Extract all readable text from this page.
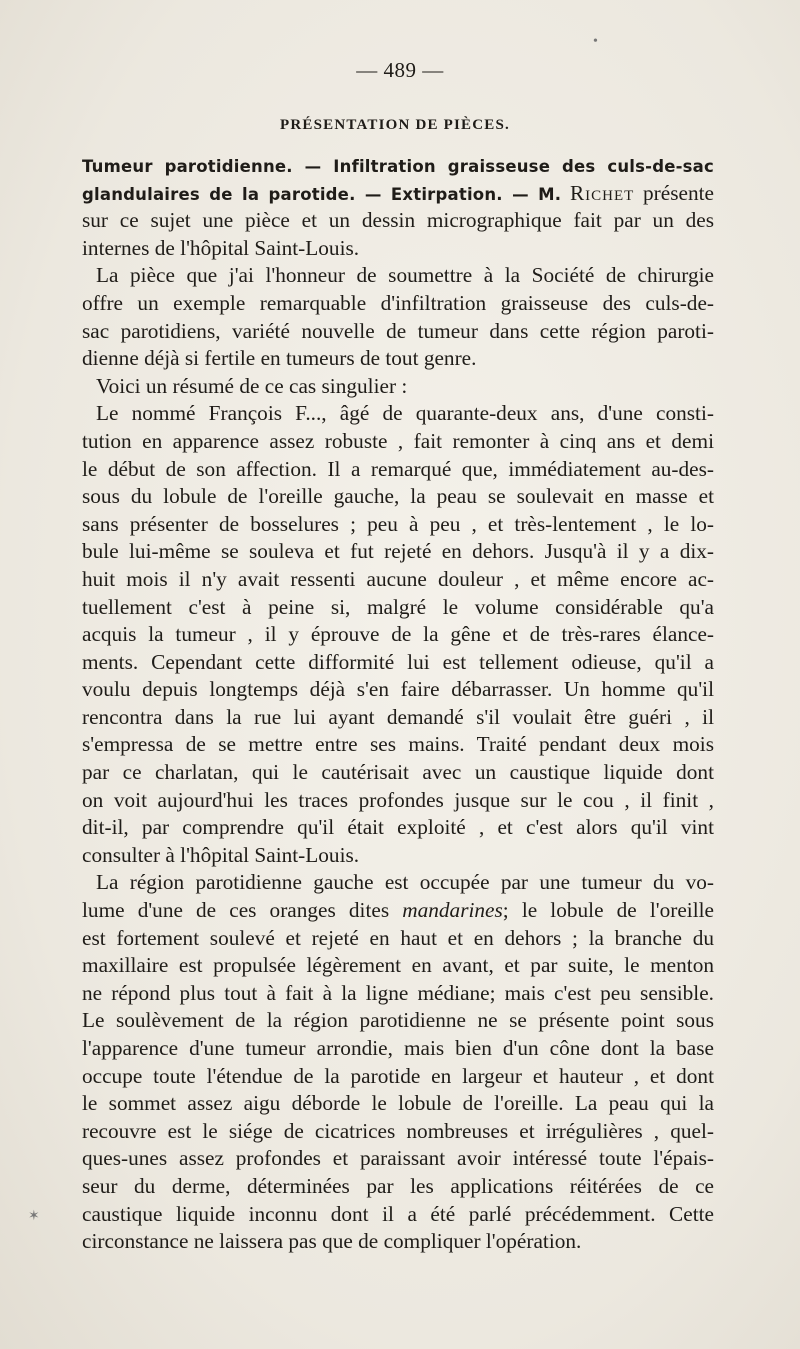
— 489 —
PRÉSENTATION DE PIÈCES.
Tumeur parotidienne. — Infiltration graisseuse des culs-de-sac
glandulaires de la parotide. — Extirpation. — M. Richet présente
sur ce sujet une pièce et un dessin micrographique fait par un des
internes de l'hôpital Saint-Louis.
La pièce que j'ai l'honneur de soumettre à la Société de chirurgie
offre un exemple remarquable d'infiltration graisseuse des culs-de-
sac parotidiens, variété nouvelle de tumeur dans cette région paroti-
dienne déjà si fertile en tumeurs de tout genre.
Voici un résumé de ce cas singulier :
Le nommé François F..., âgé de quarante-deux ans, d'une consti-
tution en apparence assez robuste , fait remonter à cinq ans et demi
le début de son affection. Il a remarqué que, immédiatement au-des-
sous du lobule de l'oreille gauche, la peau se soulevait en masse et
sans présenter de bosselures ; peu à peu , et très-lentement , le lo-
bule lui-même se souleva et fut rejeté en dehors. Jusqu'à il y a dix-
huit mois il n'y avait ressenti aucune douleur , et même encore ac-
tuellement c'est à peine si, malgré le volume considérable qu'a
acquis la tumeur , il y éprouve de la gêne et de très-rares élance-
ments. Cependant cette difformité lui est tellement odieuse, qu'il a
voulu depuis longtemps déjà s'en faire débarrasser. Un homme qu'il
rencontra dans la rue lui ayant demandé s'il voulait être guéri , il
s'empressa de se mettre entre ses mains. Traité pendant deux mois
par ce charlatan, qui le cautérisait avec un caustique liquide dont
on voit aujourd'hui les traces profondes jusque sur le cou , il finit ,
dit-il, par comprendre qu'il était exploité , et c'est alors qu'il vint
consulter à l'hôpital Saint-Louis.
La région parotidienne gauche est occupée par une tumeur du vo-
lume d'une de ces oranges dites mandarines; le lobule de l'oreille
est fortement soulevé et rejeté en haut et en dehors ; la branche du
maxillaire est propulsée légèrement en avant, et par suite, le menton
ne répond plus tout à fait à la ligne médiane; mais c'est peu sensible.
Le soulèvement de la région parotidienne ne se présente point sous
l'apparence d'une tumeur arrondie, mais bien d'un cône dont la base
occupe toute l'étendue de la parotide en largeur et hauteur , et dont
le sommet assez aigu déborde le lobule de l'oreille. La peau qui la
recouvre est le siége de cicatrices nombreuses et irrégulières , quel-
ques-unes assez profondes et paraissant avoir intéressé toute l'épais-
seur du derme, déterminées par les applications réitérées de ce
caustique liquide inconnu dont il a été parlé précédemment. Cette
circonstance ne laissera pas que de compliquer l'opération.
•
✶
